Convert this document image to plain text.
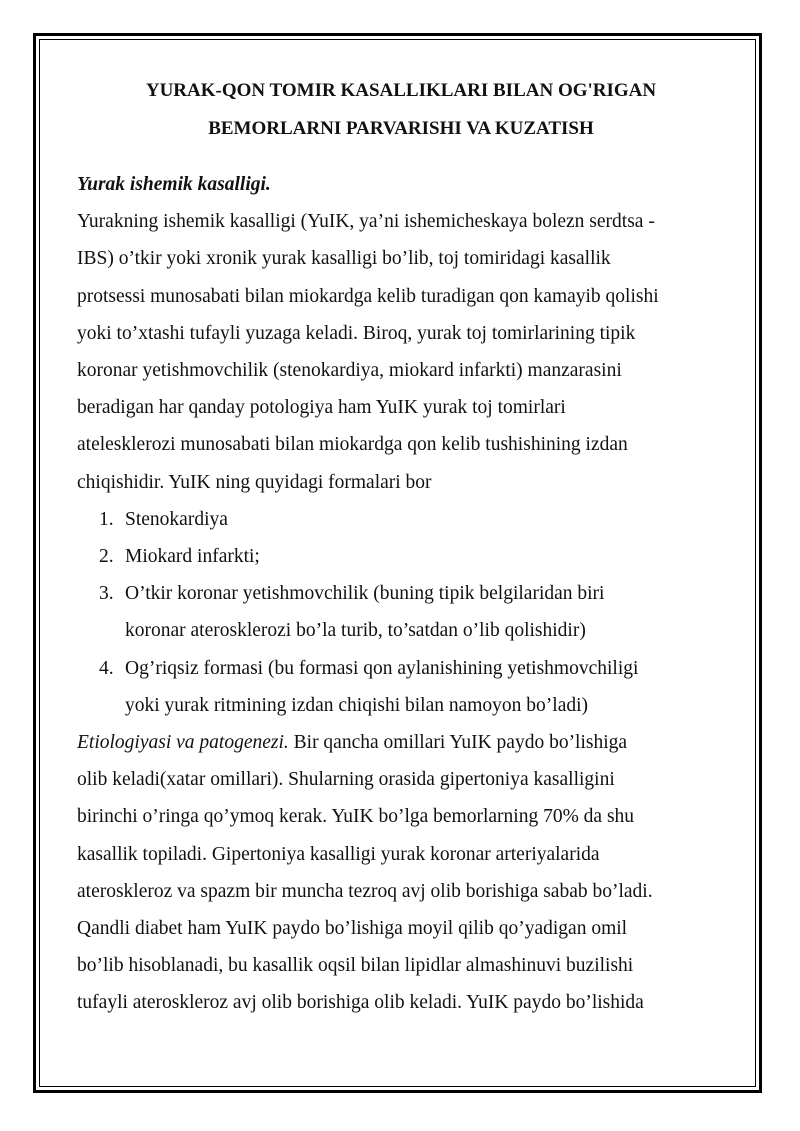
YURAK-QON TOMIR KASALLIKLARI BILAN OG'RIGAN
BEMORLARNI PARVARISHI VA KUZATISH

Yurak ishemik kasalligi.

Yurakning ishemik kasalligi (YuIK, ya’ni ishemicheskaya bolezn serdtsa -
IBS) o’tkir yoki xronik yurak kasalligi bo’lib, toj tomiridagi kasallik
protsessi munosabati bilan miokardga kelib turadigan qon kamayib qolishi
yoki to’xtashi tufayli yuzaga keladi. Biroq, yurak toj tomirlarining tipik
koronar yetishmovchilik (stenokardiya, miokard infarkti) manzarasini
beradigan har qanday potologiya ham YuIK yurak toj tomirlari
atelesklerozi munosabati bilan miokardga qon kelib tushishining izdan
chiqishidir. YuIK ning quyidagi formalari bor

1. Stenokardiya
2. Miokard infarkti;
3. O’tkir koronar yetishmovchilik (buning tipik belgilaridan biri
koronar aterosklerozi bo’la turib, to’satdan o’lib qolishidir)
4. Og’riqsiz formasi (bu formasi qon aylanishining yetishmovchiligi
yoki yurak ritmining izdan chiqishi bilan namoyon bo’ladi)

Etiologiyasi va patogenezi. Bir qancha omillari YuIK paydo bo’lishiga
olib keladi(xatar omillari). Shularning orasida gipertoniya kasalligini
birinchi o’ringa qo’ymoq kerak. YuIK bo’lga bemorlarning 70% da shu
kasallik topiladi. Gipertoniya kasalligi yurak koronar arteriyalarida
ateroskleroz va spazm bir muncha tezroq avj olib borishiga sabab bo’ladi.
Qandli diabet ham YuIK paydo bo’lishiga moyil qilib qo’yadigan omil
bo’lib hisoblanadi, bu kasallik oqsil bilan lipidlar almashinuvi buzilishi
tufayli ateroskleroz avj olib borishiga olib keladi. YuIK paydo bo’lishida
